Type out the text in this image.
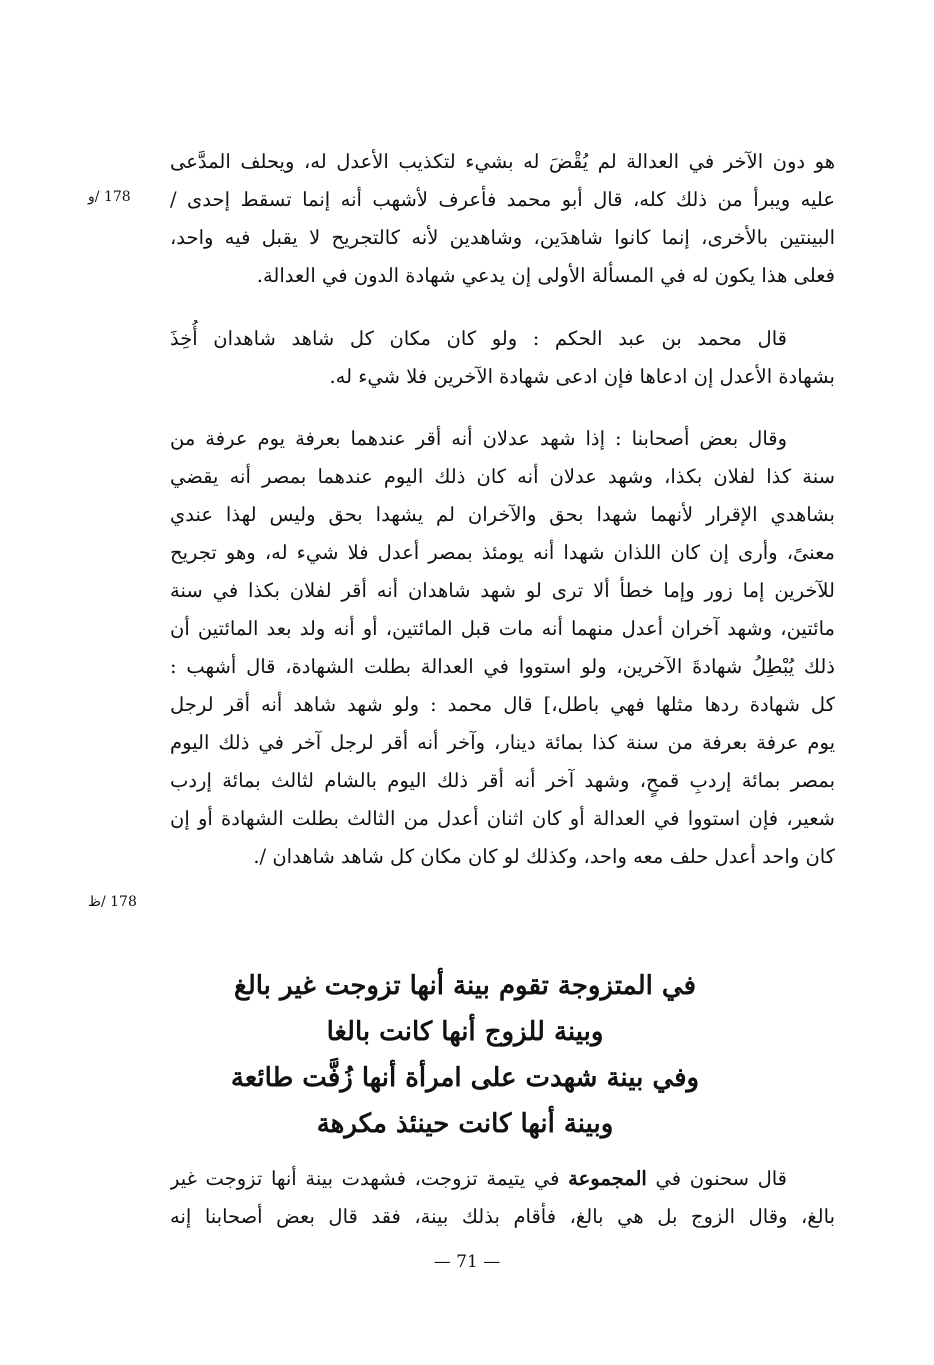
178 /و
178 /ظ
هو دون الآخر في العدالة لم يُقْضَ له بشيء لتكذيب الأعدل له، ويحلف المدَّعى
عليه ويبرأ من ذلك كله، قال أبو محمد فأعرف لأشهب أنه إنما تسقط إحدى /
البينتين بالأخرى، إنما كانوا شاهدَين، وشاهدين لأنه كالتجريح لا يقبل فيه واحد،
فعلى هذا يكون له في المسألة الأولى إن يدعي شهادة الدون في العدالة.
قال محمد بن عبد الحكم : ولو كان مكان كل شاهد شاهدان أُخِذَ
بشهادة الأعدل إن ادعاها فإن ادعى شهادة الآخرين فلا شيء له.
وقال بعض أصحابنا : إذا شهد عدلان أنه أقر عندهما بعرفة يوم عرفة من
سنة كذا لفلان بكذا، وشهد عدلان أنه كان ذلك اليوم عندهما بمصر أنه يقضي
بشاهدي الإقرار لأنهما شهدا بحق والآخران لم يشهدا بحق وليس لهذا عندي
معنىً، وأرى إن كان اللذان شهدا أنه يومئذ بمصر أعدل فلا شيء له، وهو تجريح
للآخرين إما زور وإما خطأ ألا ترى لو شهد شاهدان أنه أقر لفلان بكذا في سنة
مائتين، وشهد آخران أعدل منهما أنه مات قبل المائتين، أو أنه ولد بعد المائتين أن
ذلك يُبْطِلُ شهادةَ الآخرين، ولو استووا في العدالة بطلت الشهادة، قال أشهب :
كل شهادة ردها مثلها فهي باطل،] قال محمد : ولو شهد شاهد أنه أقر لرجل
يوم عرفة بعرفة من سنة كذا بمائة دينار، وآخر أنه أقر لرجل آخر في ذلك اليوم
بمصر بمائة إردبِ قمحٍ، وشهد آخر أنه أقر ذلك اليوم بالشام لثالث بمائة إردب
شعير، فإن استووا في العدالة أو كان اثنان أعدل من الثالث بطلت الشهادة أو إن
كان واحد أعدل حلف معه واحد، وكذلك لو كان مكان كل شاهد شاهدان /.
في المتزوجة تقوم بينة أنها تزوجت غير بالغ
وبينة للزوج أنها كانت بالغا
وفي بينة شهدت على امرأة أنها زُفَّت طائعة
وبينة أنها كانت حينئذ مكرهة
قال سحنون في المجموعة في يتيمة تزوجت، فشهدت بينة أنها تزوجت غير
بالغ، وقال الزوج بل هي بالغ، فأقام بذلك بينة، فقد قال بعض أصحابنا إنه
— 71 —
